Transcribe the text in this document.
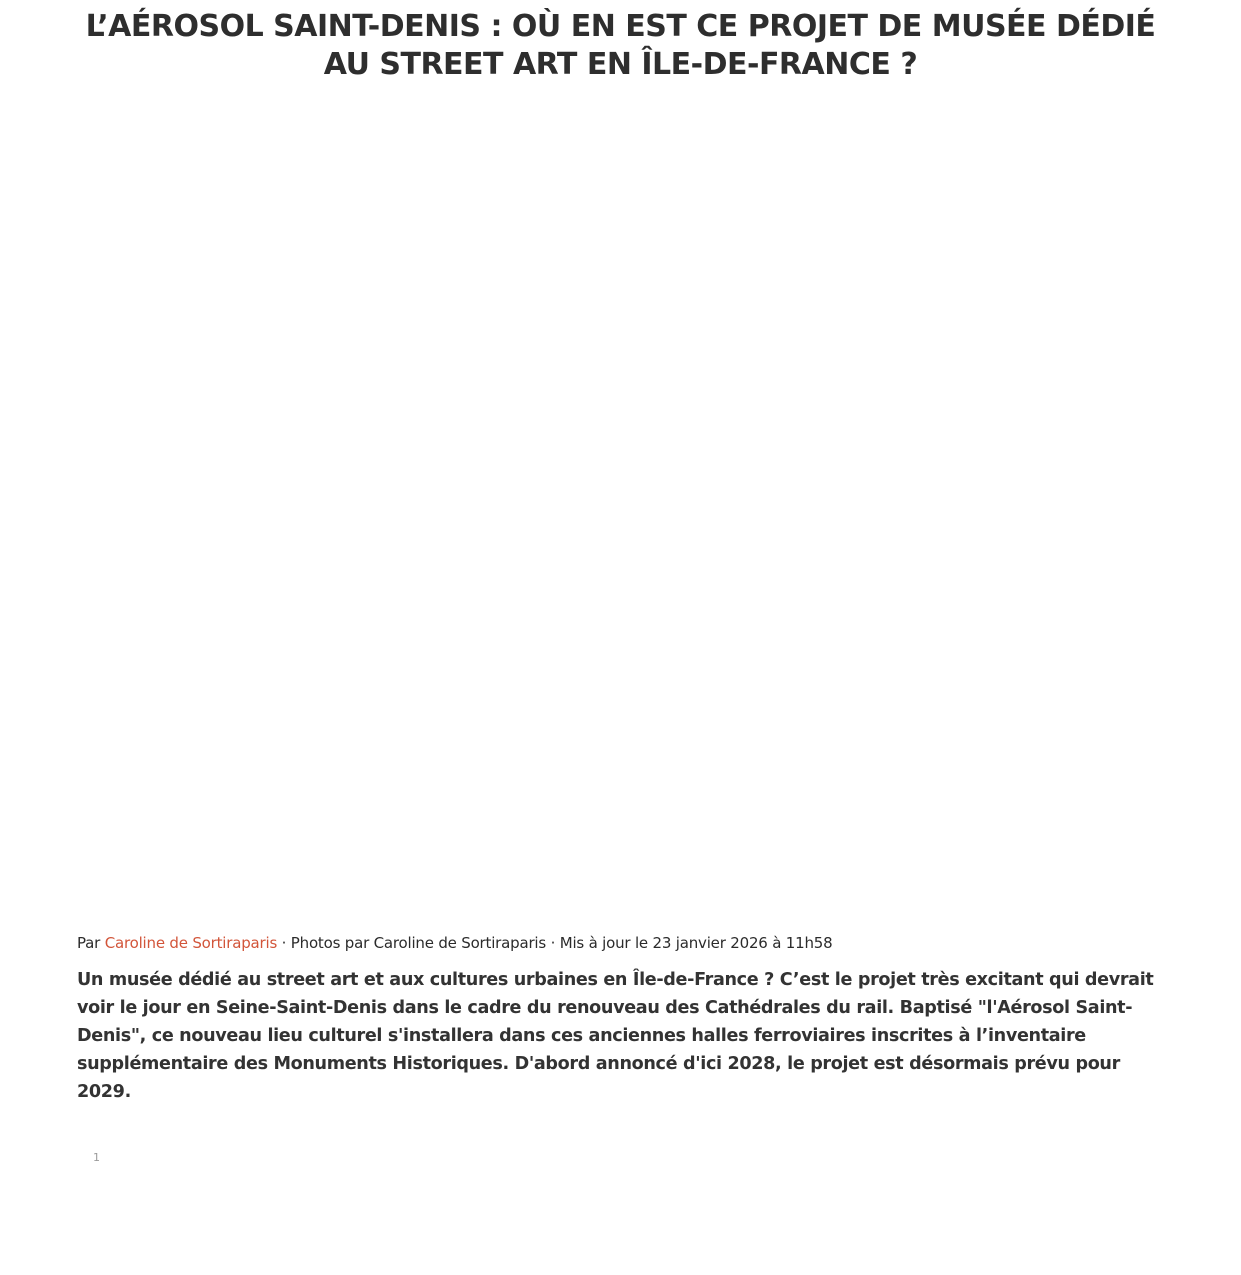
L’AÉROSOL SAINT-DENIS : OÙ EN EST CE PROJET DE MUSÉE DÉDIÉ AU STREET ART EN ÎLE-DE-FRANCE ?
Par Caroline de Sortiraparis · Photos par Caroline de Sortiraparis · Mis à jour le 23 janvier 2026 à 11h58

Un musée dédié au street art et aux cultures urbaines en Île-de-France ? C’est le projet très excitant qui devrait voir le jour en Seine-Saint-Denis dans le cadre du renouveau des Cathédrales du rail. Baptisé "l'Aérosol Saint-Denis", ce nouveau lieu culturel s'installera dans ces anciennes halles ferroviaires inscrites à l’inventaire supplémentaire des Monuments Historiques. D'abord annoncé d'ici 2028, le projet est désormais prévu pour 2029.

1
